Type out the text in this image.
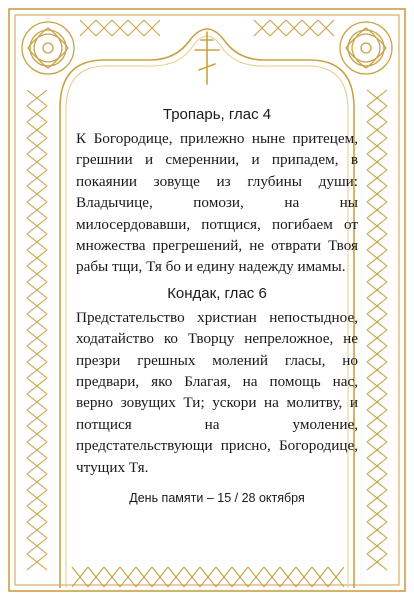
Тропарь, глас 4

К Богородице, прилежно ныне притецем, грешнии и смереннии, и припадем, в покаянии зовуще из глубины души: Владычице, помози, на ны милосердовавши, потщися, погибаем от множества прегрешений, не отврати Твоя рабы тщи, Тя бо и едину надежду имамы.

Кондак, глас 6

Предстательство христиан непостыдное, ходатайство ко Творцу непреложное, не презри грешных молений гласы, но предвари, яко Благая, на помощь нас, верно зовущих Ти; ускори на молитву, и потщися на умоление, предстательствующи присно, Богородице, чтущих Тя.

День памяти – 15 / 28 октября
